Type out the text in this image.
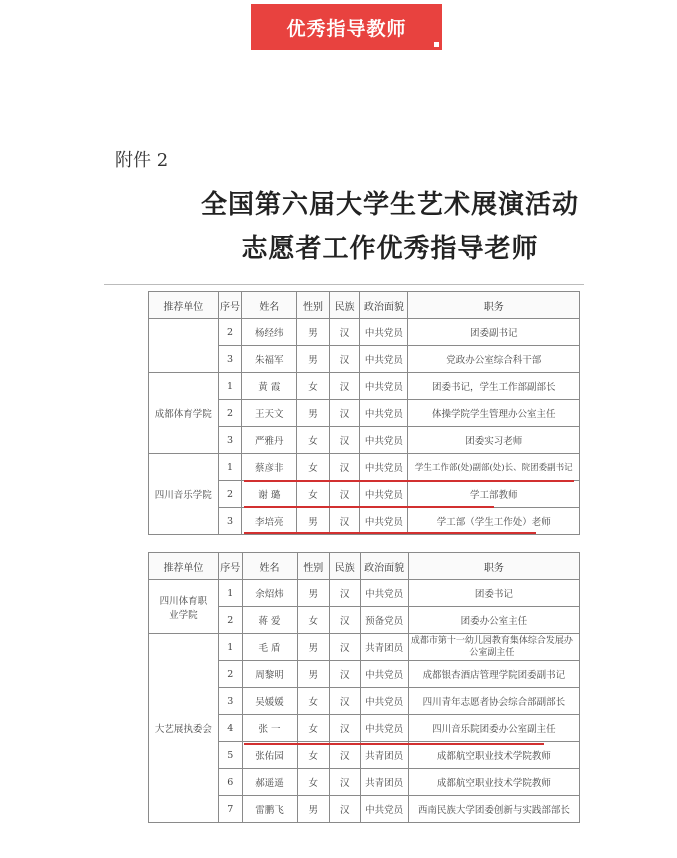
优秀指导教师
附件 2
全国第六届大学生艺术展演活动
志愿者工作优秀指导老师
推荐单位	序号	姓名	性别	民族	政治面貌	职务
	2	杨经纬	男	汉	中共党员	团委副书记
	3	朱福军	男	汉	中共党员	党政办公室综合科干部
成都体育学院	1	黄 霞	女	汉	中共党员	团委书记，学生工作部副部长
	2	王天文	男	汉	中共党员	体操学院学生管理办公室主任
	3	严雅丹	女	汉	中共党员	团委实习老师
四川音乐学院	1	蔡彦非	女	汉	中共党员	学生工作部(处)副部(处)长、院团委副书记
	2	谢 璐	女	汉	中共党员	学工部教师
	3	李培亮	男	汉	中共党员	学工部（学生工作处）老师
推荐单位	序号	姓名	性别	民族	政治面貌	职务
四川体育职业学院	1	余炤炜	男	汉	中共党员	团委书记
	2	蒋 爱	女	汉	预备党员	团委办公室主任
大艺展执委会	1	毛 盾	男	汉	共青团员	成都市第十一幼儿园教育集体综合发展办公室副主任
	2	周黎明	男	汉	中共党员	成都银杏酒店管理学院团委副书记
	3	吴媛媛	女	汉	中共党员	四川青年志愿者协会综合部副部长
	4	张 一	女	汉	中共党员	四川音乐院团委办公室副主任
	5	张佑园	女	汉	共青团员	成都航空职业技术学院教师
	6	郝遥遥	女	汉	共青团员	成都航空职业技术学院教师
	7	雷鹏飞	男	汉	中共党员	西南民族大学团委创新与实践部部长
